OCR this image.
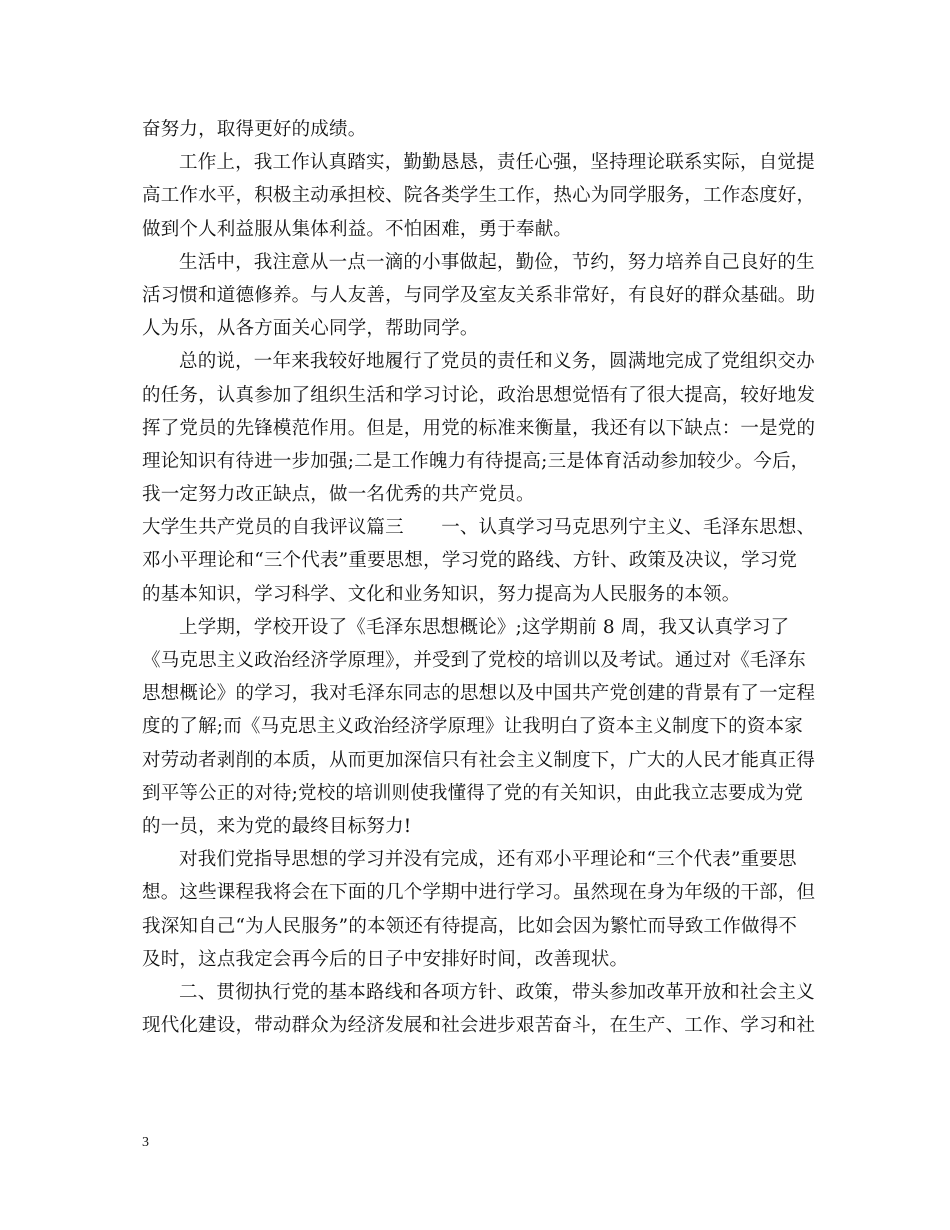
奋努力，取得更好的成绩。
工作上，我工作认真踏实，勤勤恳恳，责任心强，坚持理论联系实际，自觉提
高工作水平，积极主动承担校、院各类学生工作，热心为同学服务，工作态度好，
做到个人利益服从集体利益。不怕困难，勇于奉献。
生活中，我注意从一点一滴的小事做起，勤俭，节约，努力培养自己良好的生
活习惯和道德修养。与人友善，与同学及室友关系非常好，有良好的群众基础。助
人为乐，从各方面关心同学，帮助同学。
总的说，一年来我较好地履行了党员的责任和义务，圆满地完成了党组织交办
的任务，认真参加了组织生活和学习讨论，政治思想觉悟有了很大提高，较好地发
挥了党员的先锋模范作用。但是，用党的标准来衡量，我还有以下缺点：一是党的
理论知识有待进一步加强;二是工作魄力有待提高;三是体育活动参加较少。今后，
我一定努力改正缺点，做一名优秀的共产党员。
大学生共产党员的自我评议篇三　　一、认真学习马克思列宁主义、毛泽东思想、
邓小平理论和“三个代表”重要思想，学习党的路线、方针、政策及决议，学习党
的基本知识，学习科学、文化和业务知识，努力提高为人民服务的本领。
上学期，学校开设了《毛泽东思想概论》;这学期前 8 周，我又认真学习了
《马克思主义政治经济学原理》，并受到了党校的培训以及考试。通过对《毛泽东
思想概论》的学习，我对毛泽东同志的思想以及中国共产党创建的背景有了一定程
度的了解;而《马克思主义政治经济学原理》让我明白了资本主义制度下的资本家
对劳动者剥削的本质，从而更加深信只有社会主义制度下，广大的人民才能真正得
到平等公正的对待;党校的培训则使我懂得了党的有关知识，由此我立志要成为党
的一员，来为党的最终目标努力!
对我们党指导思想的学习并没有完成，还有邓小平理论和“三个代表”重要思
想。这些课程我将会在下面的几个学期中进行学习。虽然现在身为年级的干部，但
我深知自己“为人民服务”的本领还有待提高，比如会因为繁忙而导致工作做得不
及时，这点我定会再今后的日子中安排好时间，改善现状。
二、贯彻执行党的基本路线和各项方针、政策，带头参加改革开放和社会主义
现代化建设，带动群众为经济发展和社会进步艰苦奋斗，在生产、工作、学习和社
3
